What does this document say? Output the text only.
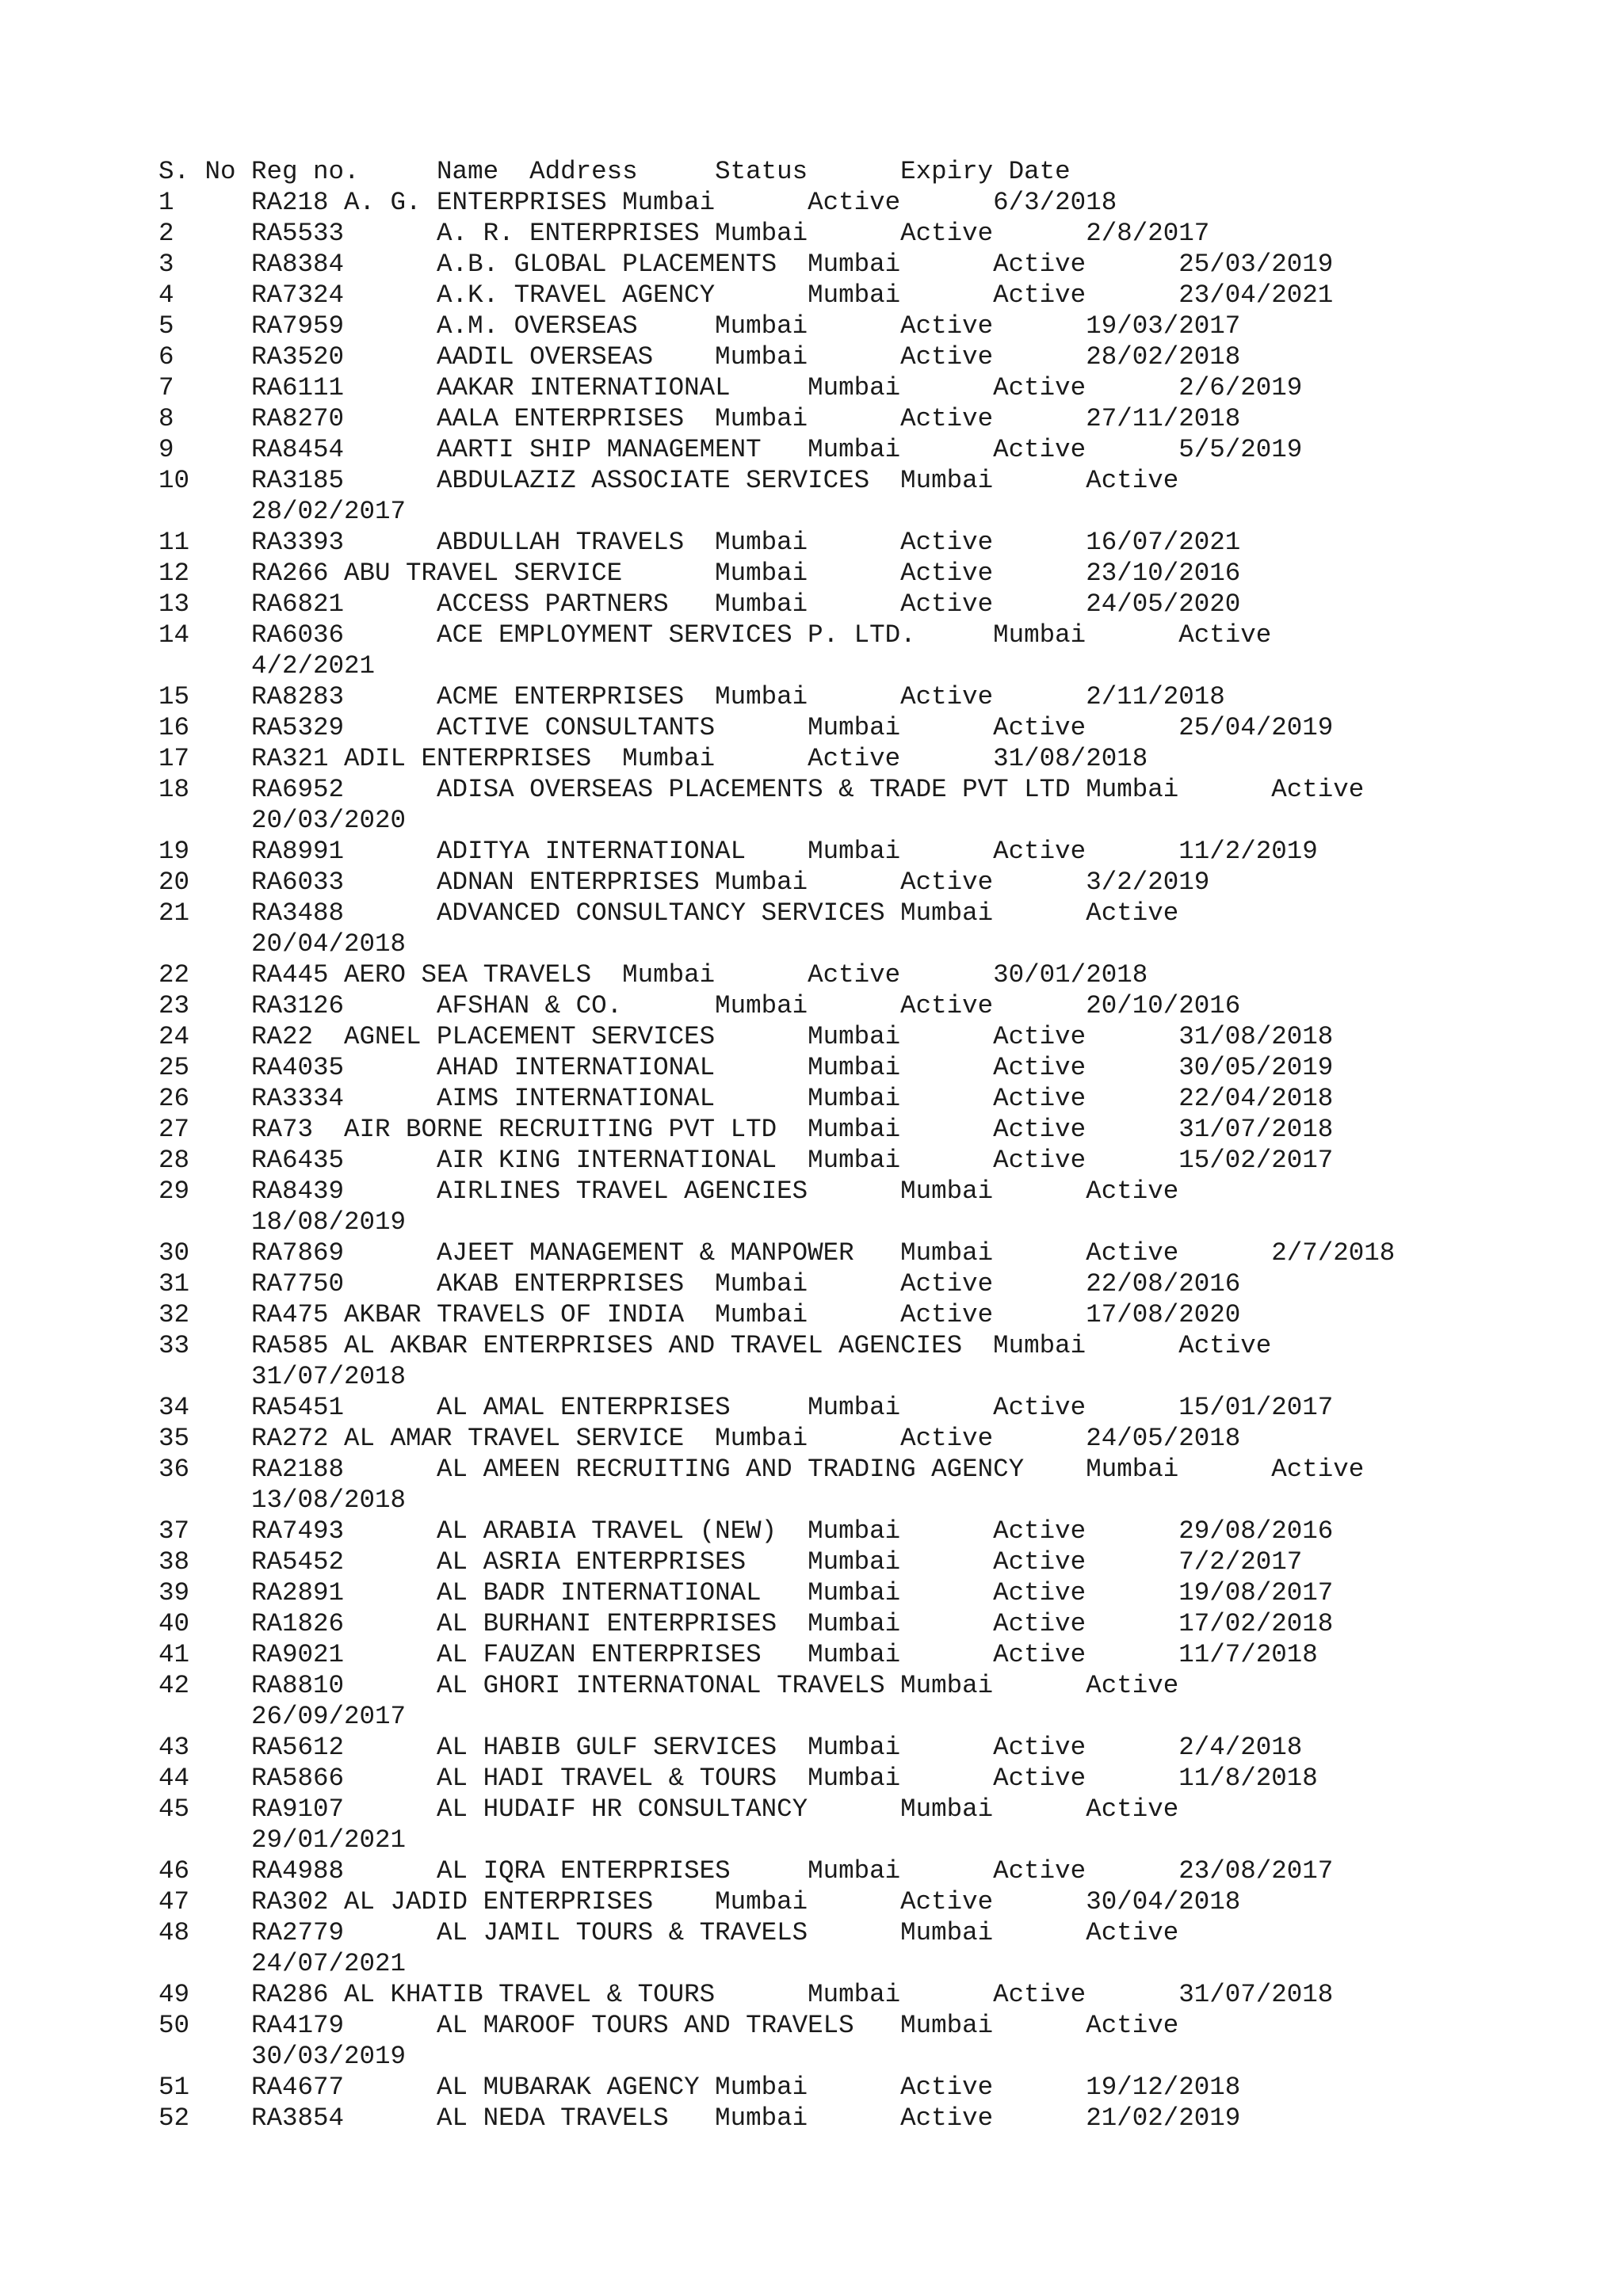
S. No Reg no.     Name  Address     Status      Expiry Date
1     RA218 A. G. ENTERPRISES Mumbai      Active      6/3/2018
2     RA5533      A. R. ENTERPRISES Mumbai      Active      2/8/2017
3     RA8384      A.B. GLOBAL PLACEMENTS  Mumbai      Active      25/03/2019
4     RA7324      A.K. TRAVEL AGENCY      Mumbai      Active      23/04/2021
5     RA7959      A.M. OVERSEAS     Mumbai      Active      19/03/2017
6     RA3520      AADIL OVERSEAS    Mumbai      Active      28/02/2018
7     RA6111      AAKAR INTERNATIONAL     Mumbai      Active      2/6/2019
8     RA8270      AALA ENTERPRISES  Mumbai      Active      27/11/2018
9     RA8454      AARTI SHIP MANAGEMENT   Mumbai      Active      5/5/2019
10    RA3185      ABDULAZIZ ASSOCIATE SERVICES  Mumbai      Active
28/02/2017
11    RA3393      ABDULLAH TRAVELS  Mumbai      Active      16/07/2021
12    RA266 ABU TRAVEL SERVICE      Mumbai      Active      23/10/2016
13    RA6821      ACCESS PARTNERS   Mumbai      Active      24/05/2020
14    RA6036      ACE EMPLOYMENT SERVICES P. LTD.     Mumbai      Active
4/2/2021
15    RA8283      ACME ENTERPRISES  Mumbai      Active      2/11/2018
16    RA5329      ACTIVE CONSULTANTS      Mumbai      Active      25/04/2019
17    RA321 ADIL ENTERPRISES  Mumbai      Active      31/08/2018
18    RA6952      ADISA OVERSEAS PLACEMENTS & TRADE PVT LTD Mumbai      Active
20/03/2020
19    RA8991      ADITYA INTERNATIONAL    Mumbai      Active      11/2/2019
20    RA6033      ADNAN ENTERPRISES Mumbai      Active      3/2/2019
21    RA3488      ADVANCED CONSULTANCY SERVICES Mumbai      Active
20/04/2018
22    RA445 AERO SEA TRAVELS  Mumbai      Active      30/01/2018
23    RA3126      AFSHAN & CO.      Mumbai      Active      20/10/2016
24    RA22  AGNEL PLACEMENT SERVICES      Mumbai      Active      31/08/2018
25    RA4035      AHAD INTERNATIONAL      Mumbai      Active      30/05/2019
26    RA3334      AIMS INTERNATIONAL      Mumbai      Active      22/04/2018
27    RA73  AIR BORNE RECRUITING PVT LTD  Mumbai      Active      31/07/2018
28    RA6435      AIR KING INTERNATIONAL  Mumbai      Active      15/02/2017
29    RA8439      AIRLINES TRAVEL AGENCIES      Mumbai      Active
18/08/2019
30    RA7869      AJEET MANAGEMENT & MANPOWER   Mumbai      Active      2/7/2018
31    RA7750      AKAB ENTERPRISES  Mumbai      Active      22/08/2016
32    RA475 AKBAR TRAVELS OF INDIA  Mumbai      Active      17/08/2020
33    RA585 AL AKBAR ENTERPRISES AND TRAVEL AGENCIES  Mumbai      Active
31/07/2018
34    RA5451      AL AMAL ENTERPRISES     Mumbai      Active      15/01/2017
35    RA272 AL AMAR TRAVEL SERVICE  Mumbai      Active      24/05/2018
36    RA2188      AL AMEEN RECRUITING AND TRADING AGENCY    Mumbai      Active
13/08/2018
37    RA7493      AL ARABIA TRAVEL (NEW)  Mumbai      Active      29/08/2016
38    RA5452      AL ASRIA ENTERPRISES    Mumbai      Active      7/2/2017
39    RA2891      AL BADR INTERNATIONAL   Mumbai      Active      19/08/2017
40    RA1826      AL BURHANI ENTERPRISES  Mumbai      Active      17/02/2018
41    RA9021      AL FAUZAN ENTERPRISES   Mumbai      Active      11/7/2018
42    RA8810      AL GHORI INTERNATONAL TRAVELS Mumbai      Active
26/09/2017
43    RA5612      AL HABIB GULF SERVICES  Mumbai      Active      2/4/2018
44    RA5866      AL HADI TRAVEL & TOURS  Mumbai      Active      11/8/2018
45    RA9107      AL HUDAIF HR CONSULTANCY      Mumbai      Active
29/01/2021
46    RA4988      AL IQRA ENTERPRISES     Mumbai      Active      23/08/2017
47    RA302 AL JADID ENTERPRISES    Mumbai      Active      30/04/2018
48    RA2779      AL JAMIL TOURS & TRAVELS      Mumbai      Active
24/07/2021
49    RA286 AL KHATIB TRAVEL & TOURS      Mumbai      Active      31/07/2018
50    RA4179      AL MAROOF TOURS AND TRAVELS   Mumbai      Active
30/03/2019
51    RA4677      AL MUBARAK AGENCY Mumbai      Active      19/12/2018
52    RA3854      AL NEDA TRAVELS   Mumbai      Active      21/02/2019
